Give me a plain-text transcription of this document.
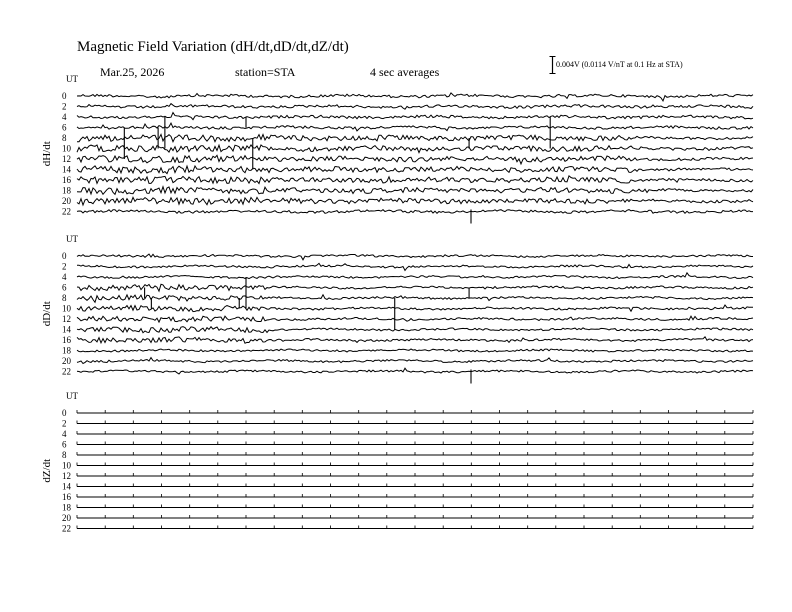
UT
dH/dt
0
2
4
6
8
10
12
14
16
18
20
22
UT
dD/dt
0
2
4
6
8
10
12
14
16
18
20
22
UT
dZ/dt
0
2
4
6
8
10
12
14
16
18
20
22
Magnetic Field Variation (dH/dt,dD/dt,dZ/dt)
Mar.25, 2026	station=STA	4 sec averages
0.004V (0.0114 V/nT at 0.1 Hz at STA)
